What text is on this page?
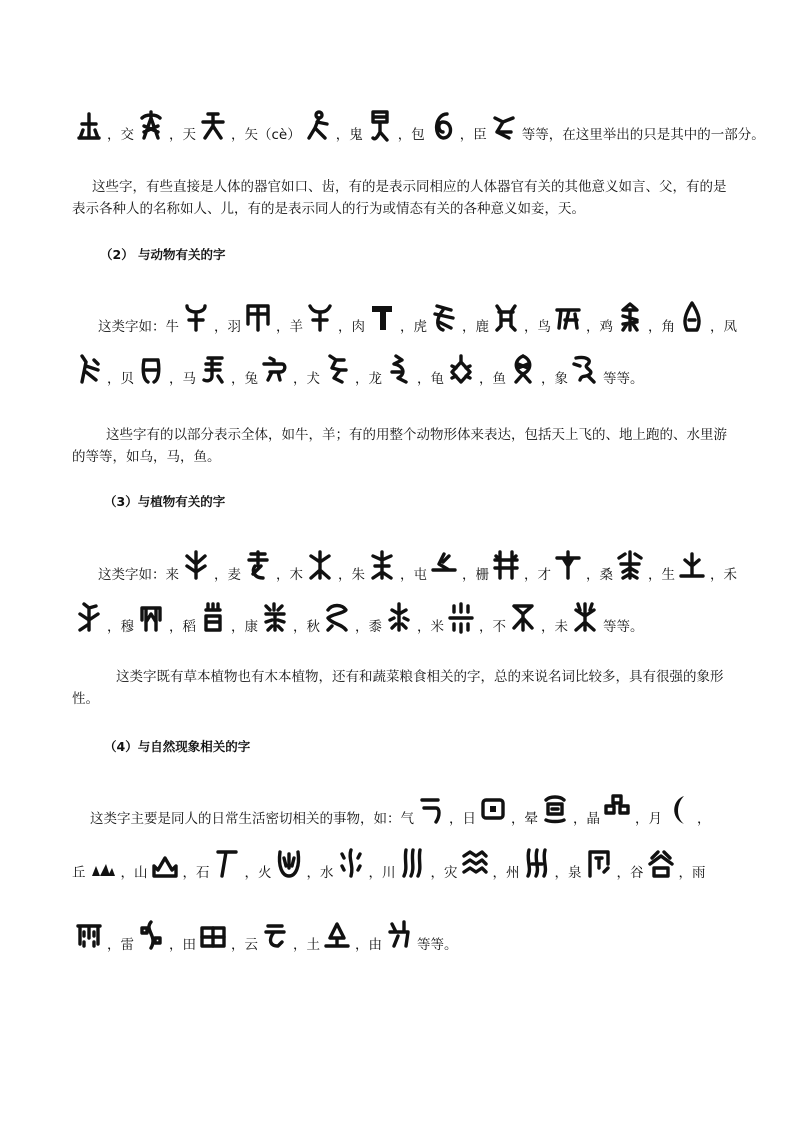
，交	，天	，矢（cè）	，鬼	，包	，臣	等等，在这里举出的只是其中的一部分。
这些字，有些直接是人体的器官如口、齿，有的是表示同相应的人体器官有关的其他意义如言、父，有的是表示各种人的名称如人、儿，有的是表示同人的行为或情态有关的各种意义如妾，天。
（2） 与动物有关的字
这类字如：牛	，羽	，羊	，肉	，虎	，鹿	，鸟	，鸡	，角	，凤
，贝	，马	，兔	，犬	，龙	，龟	，鱼	，象	等等。
这些字有的以部分表示全体，如牛，羊；有的用整个动物形体来表达，包括天上飞的、地上跑的、水里游的等等，如乌，马，鱼。
（3）与植物有关的字
这类字如：来	，麦	，木	，朱	，屯	，栅	，才	，桑	，生	，禾
，穆	，稻	，康	，秋	，黍	，米	，不	，未	等等。
这类字既有草本植物也有木本植物，还有和蔬菜粮食相关的字，总的来说名词比较多，具有很强的象形性。
（4）与自然现象相关的字
这类字主要是同人的日常生活密切相关的事物，如：气	，日	，晕	，晶	，月	，
丘	，山	，石	，火	，水	，川	，灾	，州	，泉	，谷	，雨
，雷	，田	，云	，土	，由	等等。
